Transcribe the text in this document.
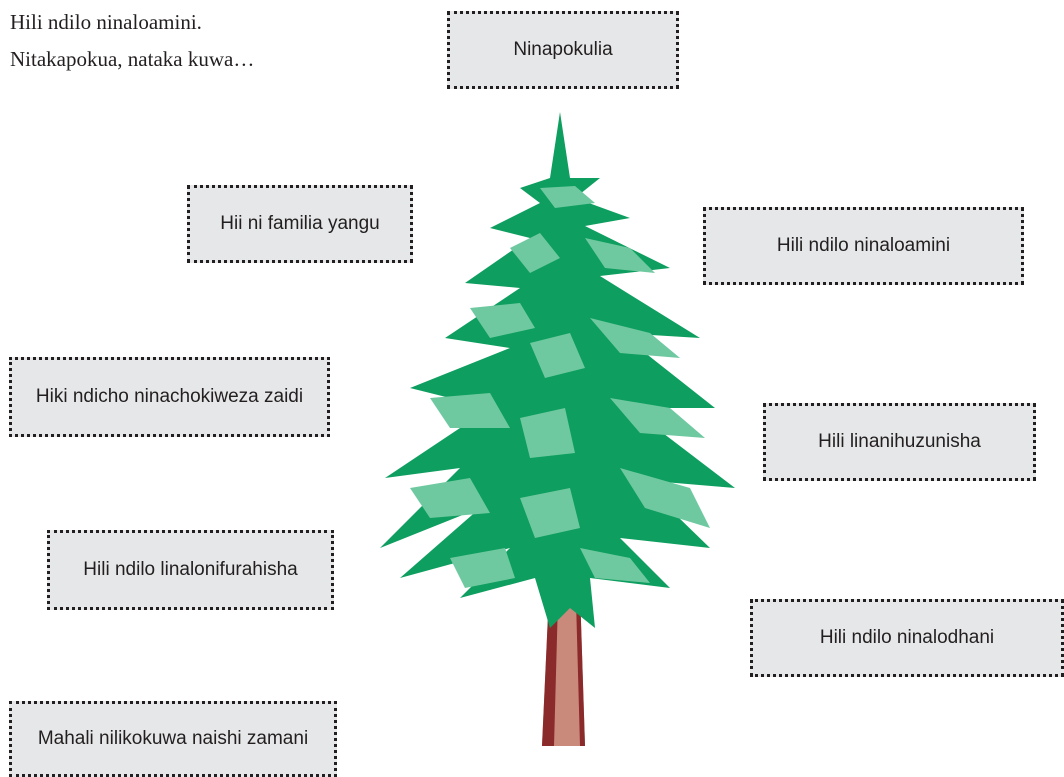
Hili ndilo ninaloamini.

Nitakapokua, nataka kuwa…	Ninapokulia
Hii ni familia yangu
Hili ndilo ninaloamini
Hiki ndicho ninachokiweza zaidi
Hili linanihuzunisha
Hili ndilo linalonifurahisha
Hili ndilo ninalodhani
Mahali nilikokuwa naishi zamani
